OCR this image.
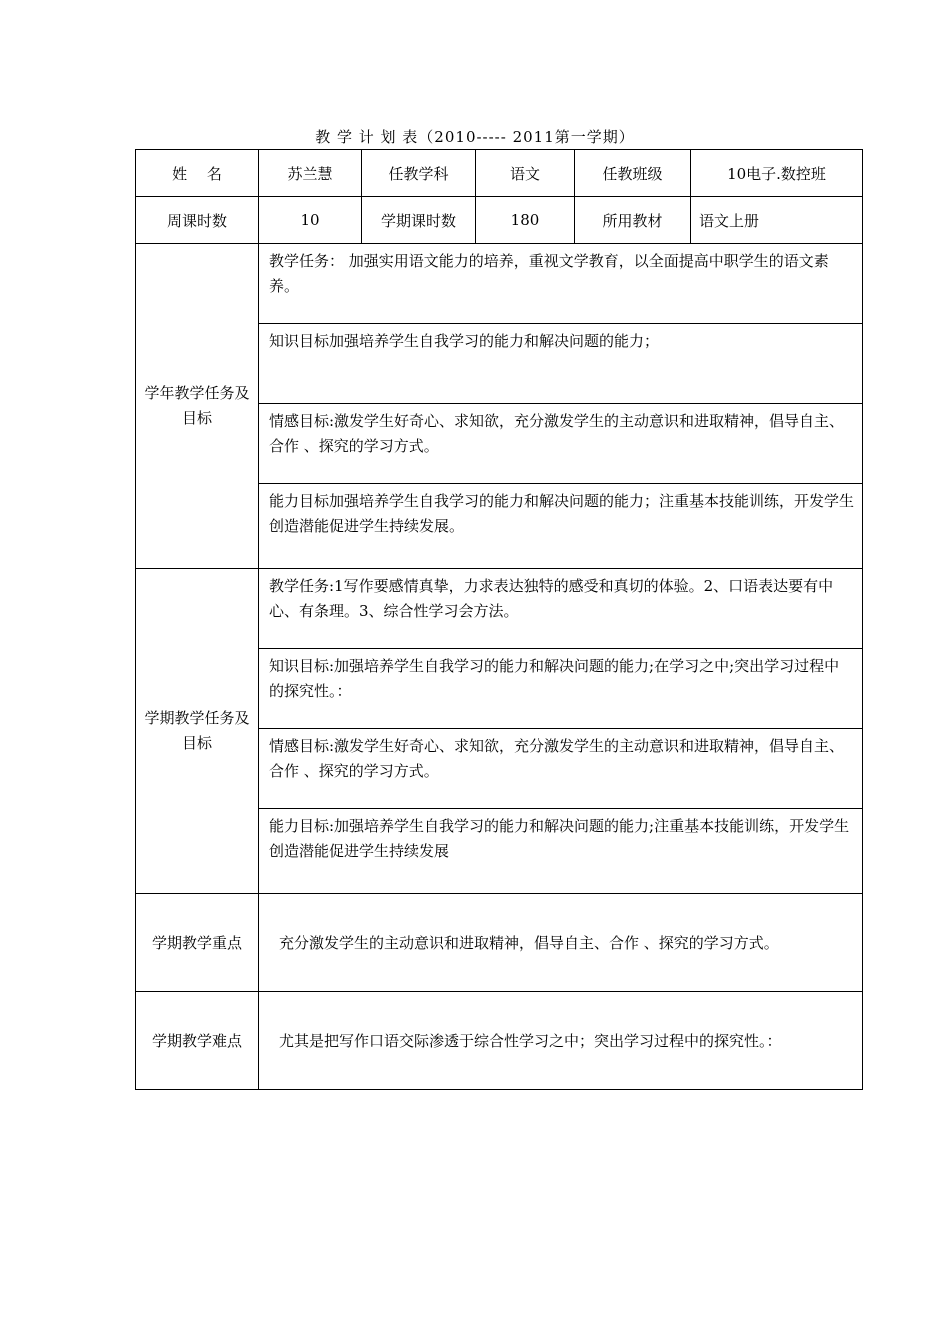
教 学 计 划 表（2010----- 2011第一学期）
姓　 名	苏兰慧	任教学科	语文	任教班级	10电子.数控班
周课时数	10	学期课时数	180	所用教材	语文上册

学年教学任务及目标	教学任务： 加强实用语文能力的培养，重视文学教育，以全面提高中职学生的语文素养。				
	知识目标加强培养学生自我学习的能力和解决问题的能力；				
	情感目标:激发学生好奇心、求知欲，充分激发学生的主动意识和进取精神，倡导自主、合作 、探究的学习方式。				
	能力目标加强培养学生自我学习的能力和解决问题的能力；注重基本技能训练，开发学生创造潜能促进学生持续发展。				

学期教学任务及目标	教学任务:1写作要感情真挚，力求表达独特的感受和真切的体验。2、口语表达要有中心、有条理。3、综合性学习会方法。				
	知识目标:加强培养学生自我学习的能力和解决问题的能力;在学习之中;突出学习过程中的探究性。：				
	情感目标:激发学生好奇心、求知欲，充分激发学生的主动意识和进取精神，倡导自主、合作 、探究的学习方式。				
	能力目标:加强培养学生自我学习的能力和解决问题的能力;注重基本技能训练，开发学生创造潜能促进学生持续发展				
学期教学重点	充分激发学生的主动意识和进取精神，倡导自主、合作 、探究的学习方式。				
学期教学难点	尤其是把写作口语交际渗透于综合性学习之中；突出学习过程中的探究性。：				
